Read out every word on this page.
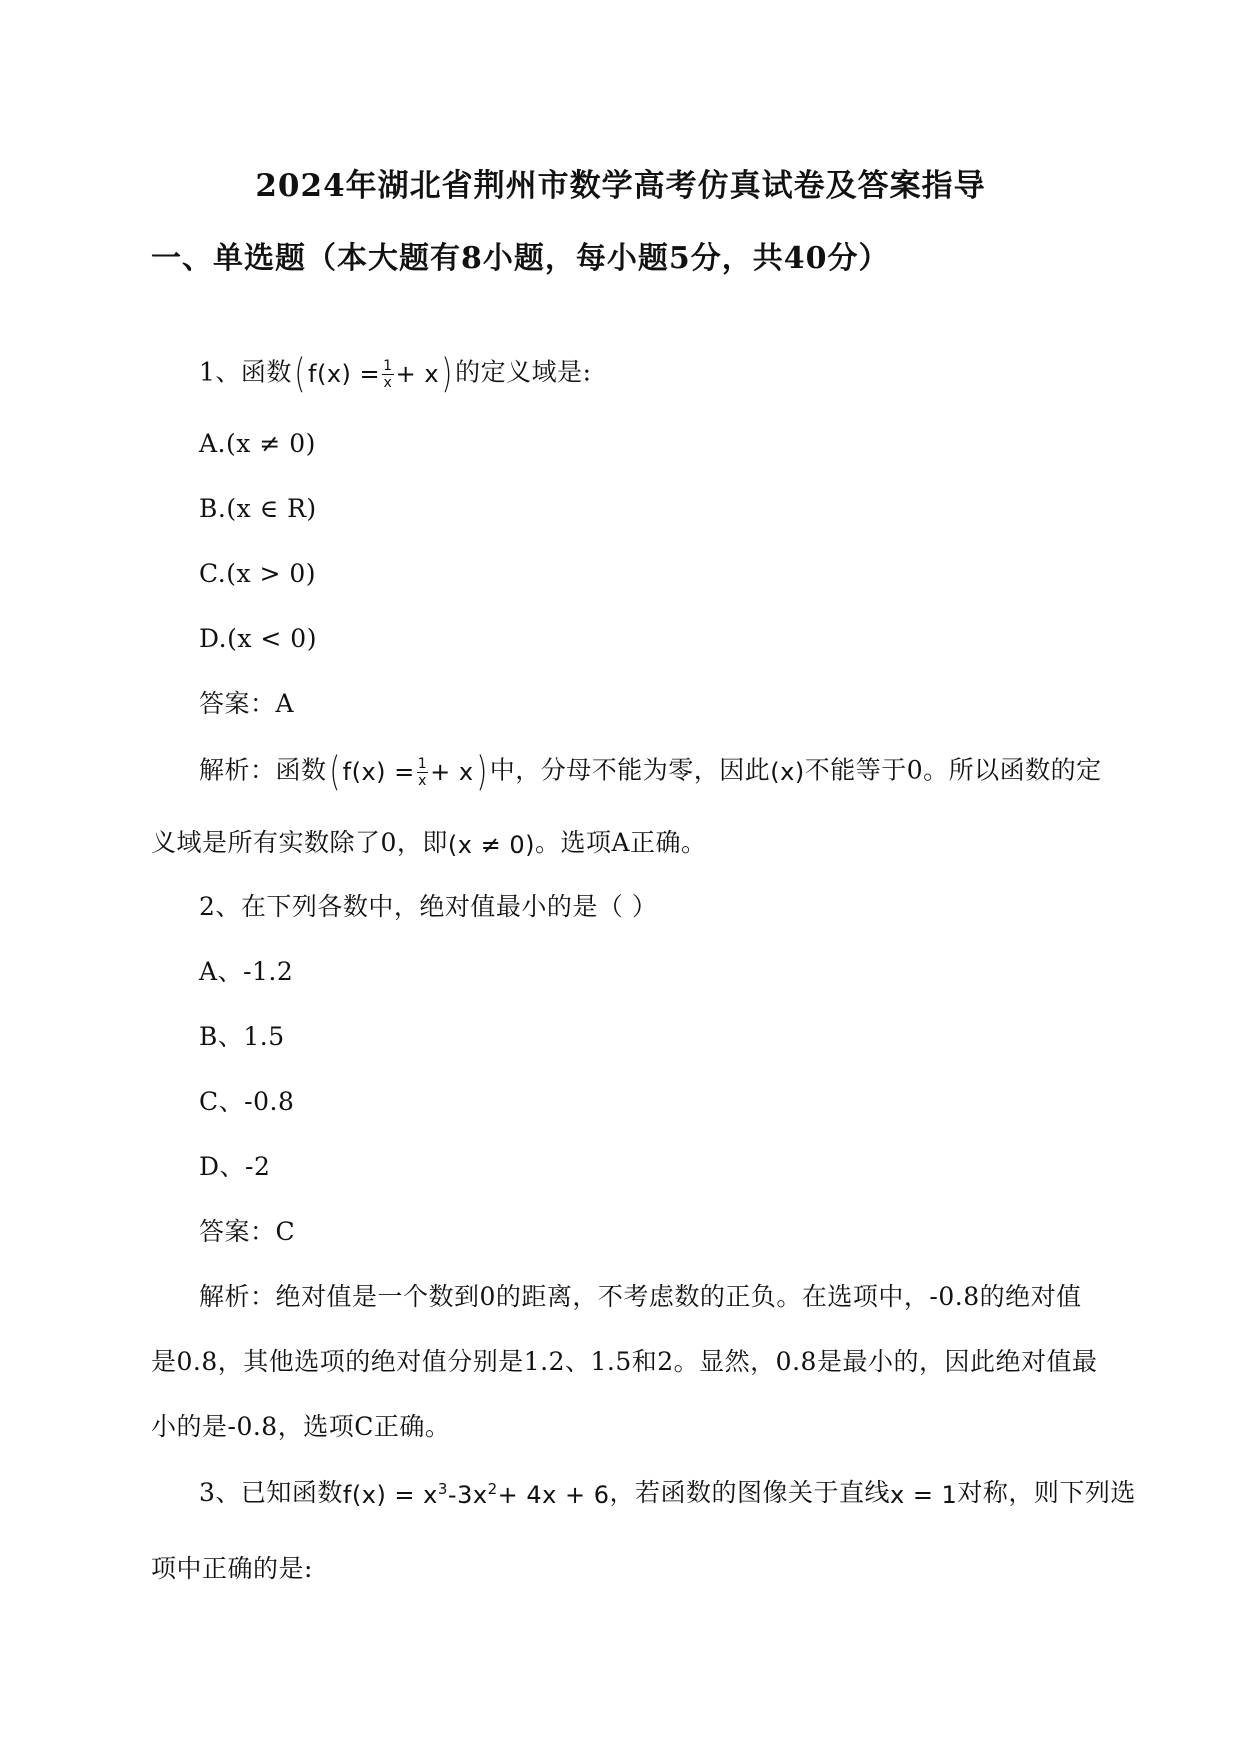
2024年湖北省荆州市数学高考仿真试卷及答案指导
一、单选题（本大题有8小题，每小题5分，共40分）
1、函数( $f(x) = \frac{1}{x} + x$)的定义域是:
A.(x ≠ 0)
B.(x ∈ R)
C.(x > 0)
D.(x < 0)
答案：A
解析：函数( $f(x) = \frac{1}{x} + x$)中，分母不能为零，因此(x)不能等于0。所以函数的定
义域是所有实数除了0，即(x ≠ 0)。选项A正确。
2、在下列各数中，绝对值最小的是（ ）
A、-1.2
B、1.5
C、-0.8
D、-2
答案：C
解析：绝对值是一个数到0的距离，不考虑数的正负。在选项中，-0.8的绝对值
是0.8，其他选项的绝对值分别是1.2、1.5和2。显然，0.8是最小的，因此绝对值最
小的是-0.8，选项C正确。
3、已知函数$f(x) = x^3-3x^2+ 4x + 6$，若函数的图像关于直线x = 1对称，则下列选
项中正确的是:
